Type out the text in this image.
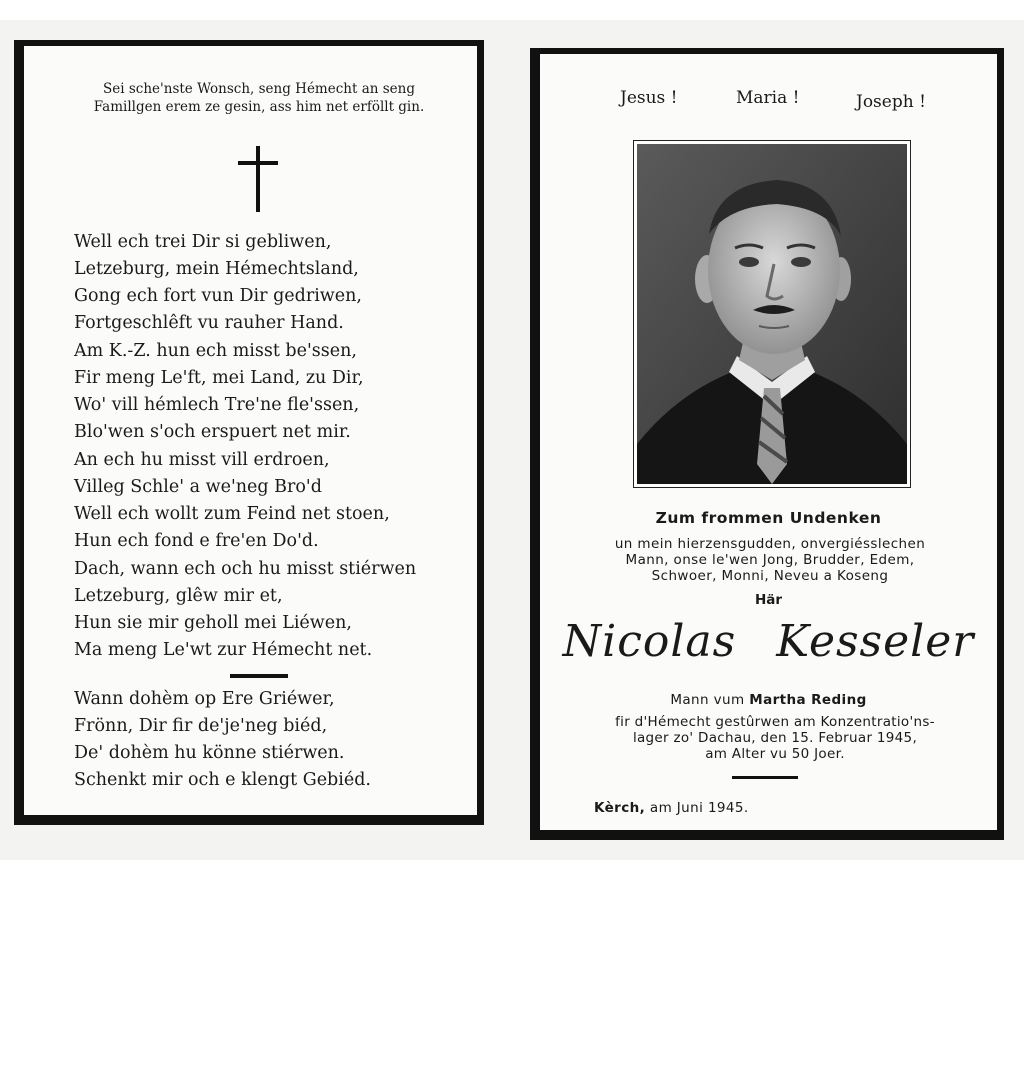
Sei sche'nste Wonsch, seng Hémecht an seng
Famillgen erem ze gesin, ass him net erföllt gin.
Well ech trei Dir si gebliwen,
Letzeburg, mein Hémechtsland,
Gong ech fort vun Dir gedriwen,
Fortgeschlêft vu rauher Hand.
Am K.-Z. hun ech misst be'ssen,
Fir meng Le'ft, mei Land, zu Dir,
Wo' vill hémlech Tre'ne fle'ssen,
Blo'wen s'och erspuert net mir.
An ech hu misst vill erdroen,
Villeg Schle' a we'neg Bro'd
Well ech wollt zum Feind net stoen,
Hun ech fond e fre'en Do'd.
Dach, wann ech och hu misst stiérwen
Letzeburg, glêw mir et,
Hun sie mir geholl mei Liéwen,
Ma meng Le'wt zur Hémecht net.
Wann dohèm op Ere Griéwer,
Frönn, Dir fir de'je'neg biéd,
De' dohèm hu könne stiérwen.
Schenkt mir och e klengt Gebiéd.
Jesus !	Maria !	Joseph !
Zum frommen Undenken
un mein hierzensgudden, onvergiésslechen
Mann, onse le'wen Jong, Brudder, Edem,
Schwoer, Monni, Neveu a Koseng
Här
Nicolas Kesseler
Mann vum Martha Reding
fir d'Hémecht gestûrwen am Konzentratio'ns-
lager zo' Dachau, den 15. Februar 1945,
am Alter vu 50 Joer.
Kèrch, am Juni 1945.
